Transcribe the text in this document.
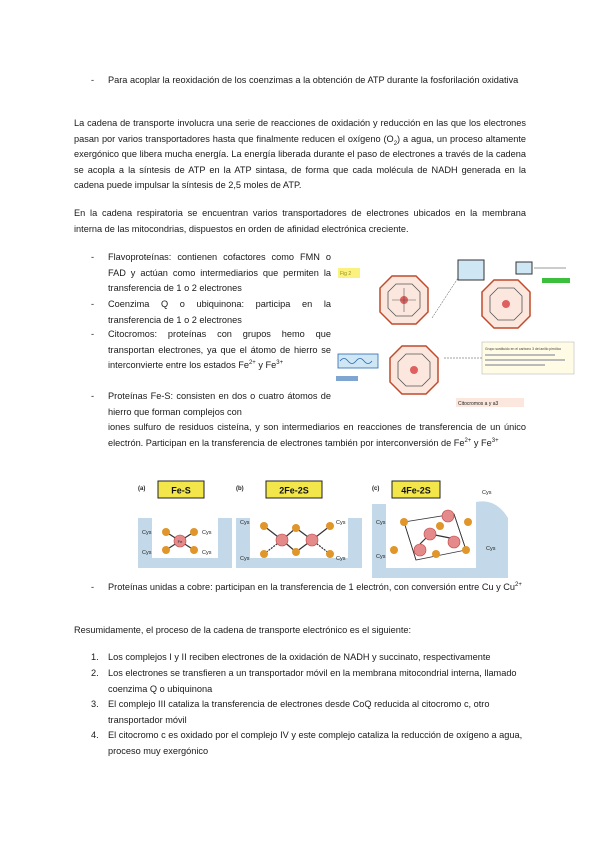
- Para acoplar la reoxidación de los coenzimas a la obtención de ATP durante la fosforilación oxidativa

La cadena de transporte involucra una serie de reacciones de oxidación y reducción en las que los electrones pasan por varios transportadores hasta que finalmente reducen el oxígeno $(O_2)$ a agua, un proceso altamente exergónico que libera mucha energía. La energía liberada durante el paso de electrones a través de la cadena se acopla a la síntesis de ATP en la ATP sintasa, de forma que cada molécula de NADH generada en la cadena puede impulsar la síntesis de 2,5 moles de ATP.

En la cadena respiratoria se encuentran varios transportadores de electrones ubicados en la membrana interna de las mitocondrias, dispuestos en orden de afinidad electrónica creciente.

- Flavoproteínas: contienen cofactores como FMN o FAD y actúan como intermediarios que permiten la transferencia de 1 o 2 electrones

- Coenzima Q o ubiquinona: participa en la transferencia de 1 o 2 electrones

- Citocromos: proteínas con grupos hemo que transportan electrones, ya que el átomo de hierro se interconvierte entre los estados $Fe^{2+}$ y $Fe^{3+}$

- Proteínas Fe-S: consisten en dos o cuatro átomos de hierro que forman complejos con

iones sulfuro de residuos cisteína, y son intermediarios en reacciones de transferencia de un único electrón. Participan en la transferencia de electrones también por interconversión de $Fe^{2+}$ y $Fe^{3+}$

Grupo sustituido en el carbono 3 del anillo pirrólico
Citocromos a y a3
(a)	Fe-S
Fe
Cys	Cys
Cys	Cys
(b)	2Fe-2S
Cys	Cys
Cys	Cys
(c) 4Fe-2S
Cys
Cys
Cys
Cys
- Proteínas unidas a cobre: participan en la transferencia de 1 electrón, con conversión entre Cu y $Cu^{2+}$

Resumidamente, el proceso de la cadena de transporte electrónico es el siguiente:

1. Los complejos I y II reciben electrones de la oxidación de NADH y succinato, respectivamente

2. Los electrones se transfieren a un transportador móvil en la membrana mitocondrial interna, llamado coenzima Q o ubiquinona

3. El complejo III cataliza la transferencia de electrones desde CoQ reducida al citocromo c, otro transportador móvil

4. El citocromo c es oxidado por el complejo IV y este complejo cataliza la reducción de oxígeno a agua, proceso muy exergónico
